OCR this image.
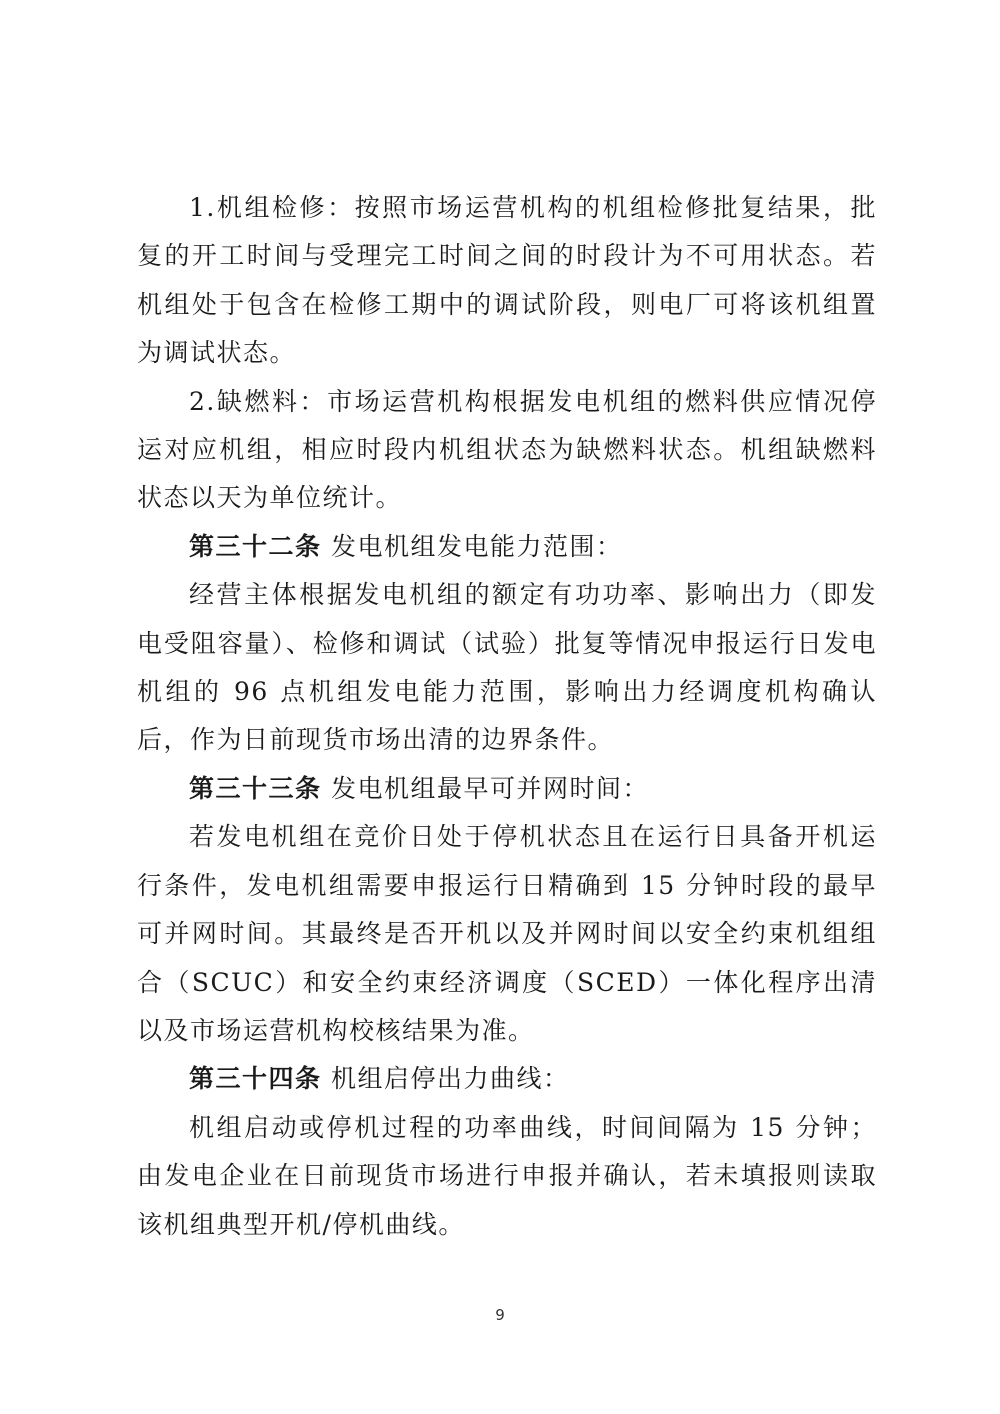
1.机组检修：按照市场运营机构的机组检修批复结果，批复的开工时间与受理完工时间之间的时段计为不可用状态。若机组处于包含在检修工期中的调试阶段，则电厂可将该机组置为调试状态。

2.缺燃料：市场运营机构根据发电机组的燃料供应情况停运对应机组，相应时段内机组状态为缺燃料状态。机组缺燃料状态以天为单位统计。

第三十二条 发电机组发电能力范围：

经营主体根据发电机组的额定有功功率、影响出力（即发电受阻容量）、检修和调试（试验）批复等情况申报运行日发电机组的 96 点机组发电能力范围，影响出力经调度机构确认后，作为日前现货市场出清的边界条件。

第三十三条 发电机组最早可并网时间：

若发电机组在竞价日处于停机状态且在运行日具备开机运行条件，发电机组需要申报运行日精确到 15 分钟时段的最早可并网时间。其最终是否开机以及并网时间以安全约束机组组合（SCUC）和安全约束经济调度（SCED）一体化程序出清以及市场运营机构校核结果为准。

第三十四条 机组启停出力曲线：

机组启动或停机过程的功率曲线，时间间隔为 15 分钟；由发电企业在日前现货市场进行申报并确认，若未填报则读取该机组典型开机/停机曲线。

9
